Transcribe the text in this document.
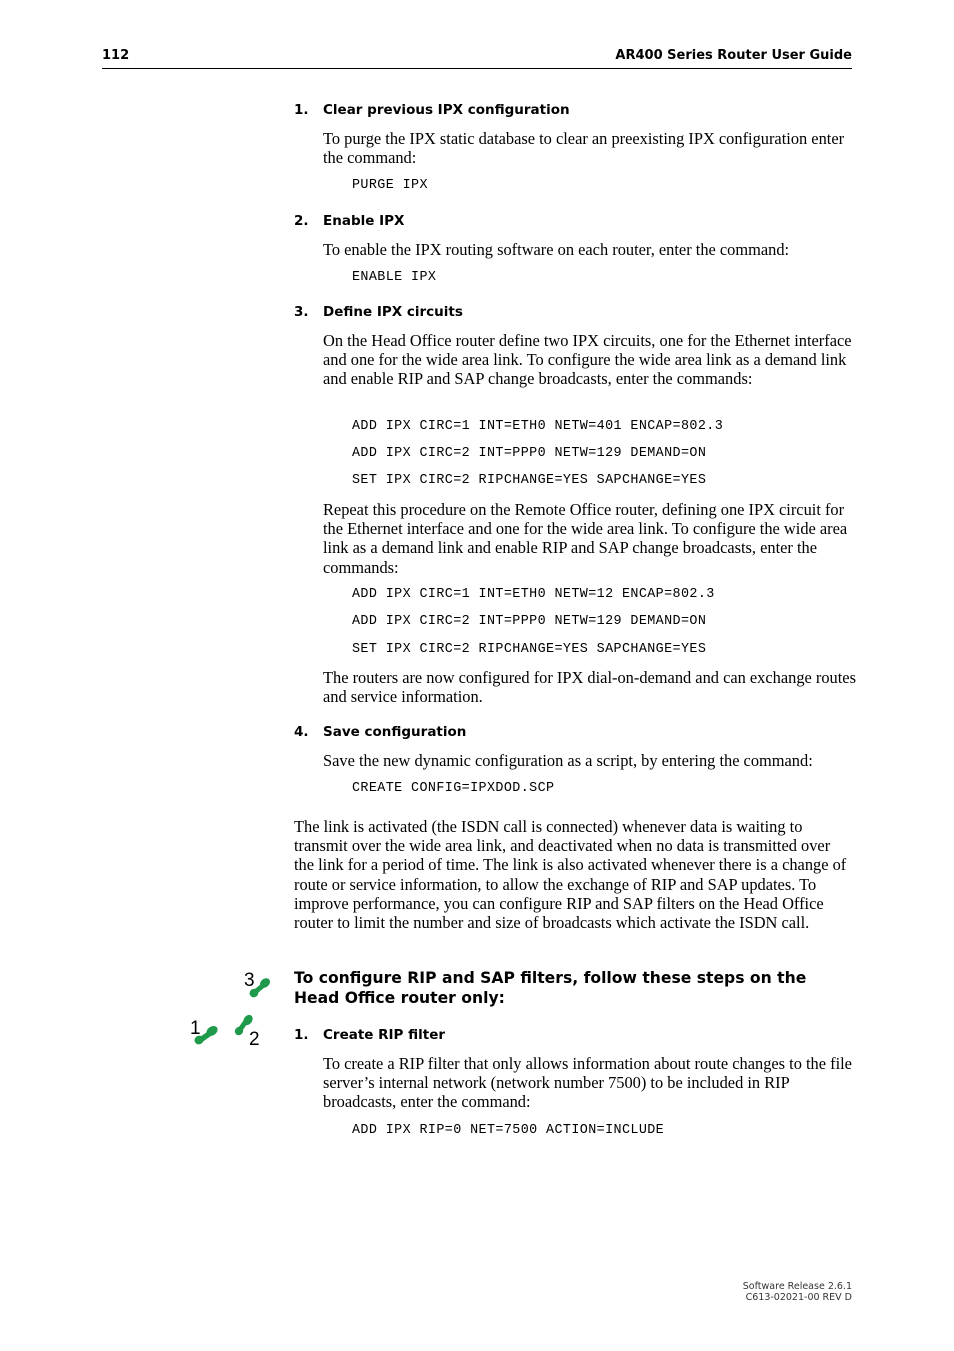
112	AR400 Series Router User Guide
1. Clear previous IPX configuration
To purge the IPX static database to clear an preexisting IPX configuration enter the command:
PURGE IPX
2. Enable IPX
To enable the IPX routing software on each router, enter the command:
ENABLE IPX
3. Define IPX circuits
On the Head Office router define two IPX circuits, one for the Ethernet interface and one for the wide area link. To configure the wide area link as a demand link and enable RIP and SAP change broadcasts, enter the commands:
ADD IPX CIRC=1 INT=ETH0 NETW=401 ENCAP=802.3
ADD IPX CIRC=2 INT=PPP0 NETW=129 DEMAND=ON
SET IPX CIRC=2 RIPCHANGE=YES SAPCHANGE=YES
Repeat this procedure on the Remote Office router, defining one IPX circuit for the Ethernet interface and one for the wide area link. To configure the wide area link as a demand link and enable RIP and SAP change broadcasts, enter the commands:
ADD IPX CIRC=1 INT=ETH0 NETW=12 ENCAP=802.3
ADD IPX CIRC=2 INT=PPP0 NETW=129 DEMAND=ON
SET IPX CIRC=2 RIPCHANGE=YES SAPCHANGE=YES
The routers are now configured for IPX dial-on-demand and can exchange routes and service information.
4. Save configuration
Save the new dynamic configuration as a script, by entering the command:
CREATE CONFIG=IPXDOD.SCP
The link is activated (the ISDN call is connected) whenever data is waiting to transmit over the wide area link, and deactivated when no data is transmitted over the link for a period of time. The link is also activated whenever there is a change of route or service information, to allow the exchange of RIP and SAP updates. To improve performance, you can configure RIP and SAP filters on the Head Office router to limit the number and size of broadcasts which activate the ISDN call.
3
1
2
To configure RIP and SAP filters, follow these steps on the Head Office router only:
1. Create RIP filter
To create a RIP filter that only allows information about route changes to the file server’s internal network (network number 7500) to be included in RIP broadcasts, enter the command:
ADD IPX RIP=0 NET=7500 ACTION=INCLUDE
Software Release 2.6.1
C613-02021-00 REV D
